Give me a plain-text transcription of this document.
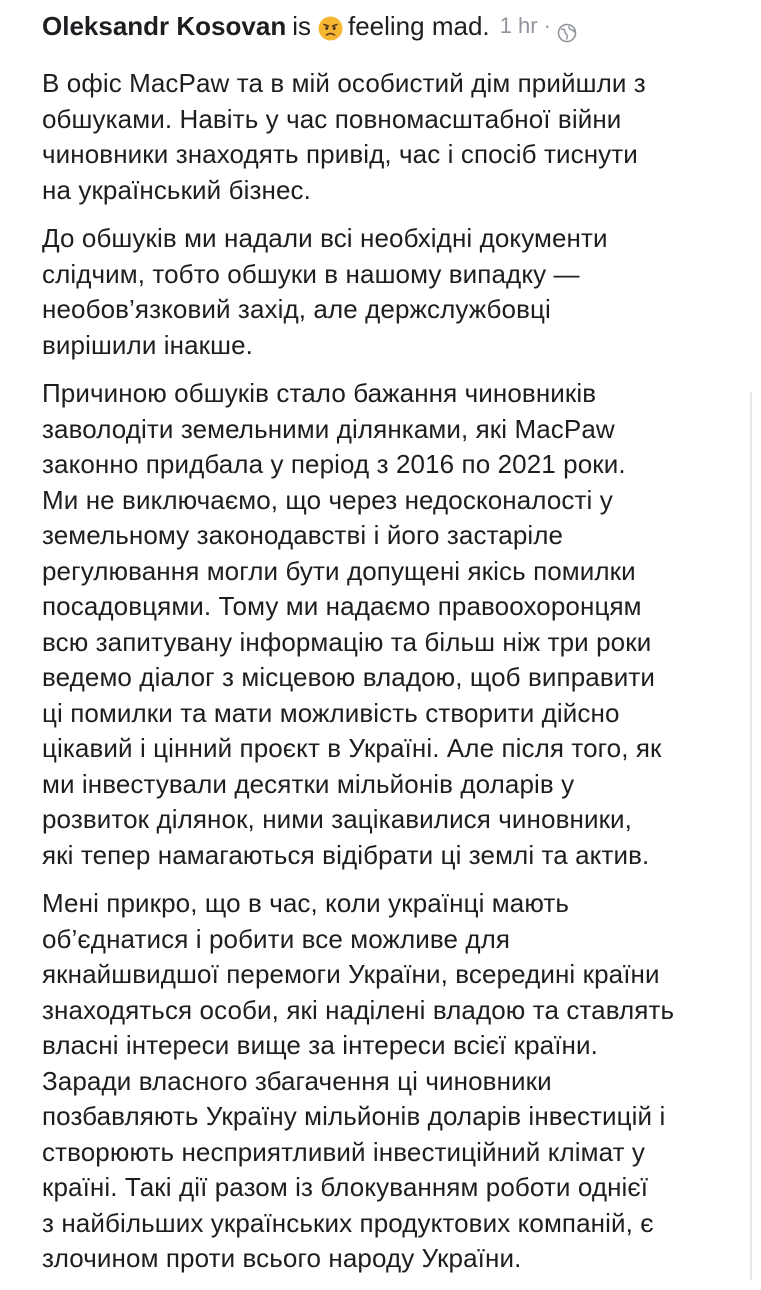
Oleksandr Kosovan is feeling mad. 1 hr ·
В офіс MacPaw та в мій особистий дім прийшли з
обшуками. Навіть у час повномасштабної війни
чиновники знаходять привід, час і спосіб тиснути
на український бізнес.
До обшуків ми надали всі необхідні документи
слідчим, тобто обшуки в нашому випадку —
необов’язковий захід, але держслужбовці
вирішили інакше.
Причиною обшуків стало бажання чиновників
заволодіти земельними ділянками, які MacPaw
законно придбала у період з 2016 по 2021 роки.
Ми не виключаємо, що через недосконалості у
земельному законодавстві і його застаріле
регулювання могли бути допущені якісь помилки
посадовцями. Тому ми надаємо правоохоронцям
всю запитувану інформацію та більш ніж три роки
ведемо діалог з місцевою владою, щоб виправити
ці помилки та мати можливість створити дійсно
цікавий і цінний проєкт в Україні. Але після того, як
ми інвестували десятки мільйонів доларів у
розвиток ділянок, ними зацікавилися чиновники,
які тепер намагаються відібрати ці землі та актив.
Мені прикро, що в час, коли українці мають
об’єднатися і робити все можливе для
якнайшвидшої перемоги України, всередині країни
знаходяться особи, які наділені владою та ставлять
власні інтереси вище за інтереси всієї країни.
Заради власного збагачення ці чиновники
позбавляють Україну мільйонів доларів інвестицій і
створюють несприятливий інвестиційний клімат у
країні. Такі дії разом із блокуванням роботи однієї
з найбільших українських продуктових компаній, є
злочином проти всього народу України.
